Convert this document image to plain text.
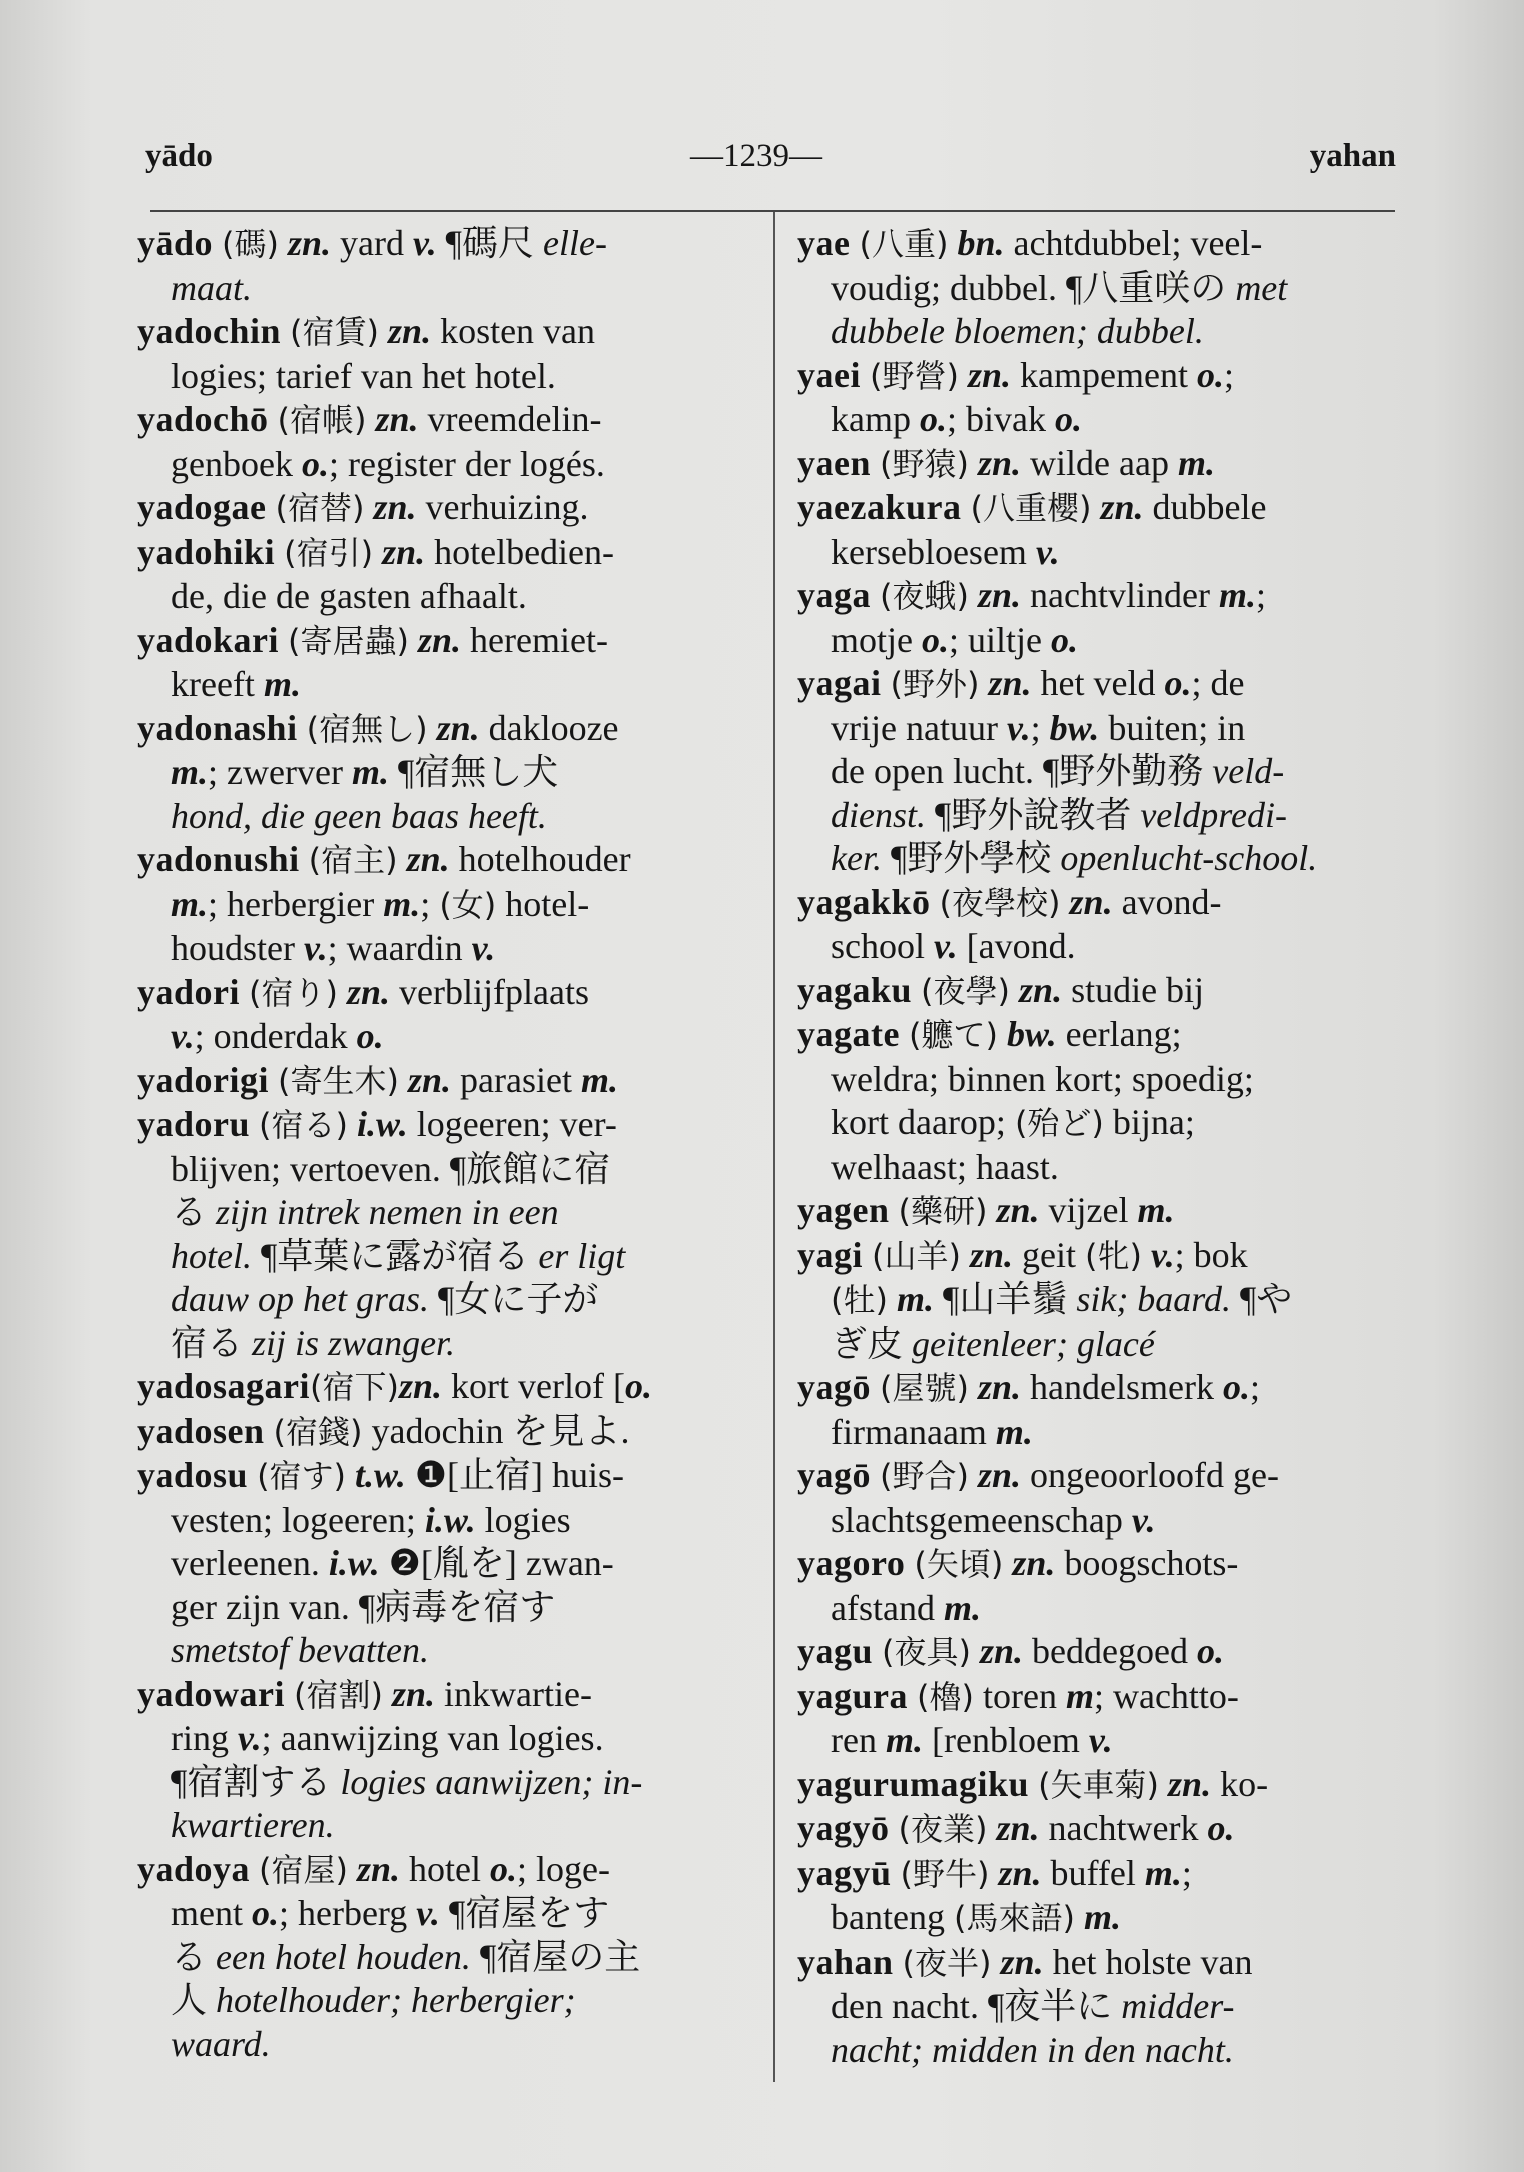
yādo	—1239—	yahan
yādo (碼) zn. yard v. ¶碼尺 elle-
maat.
yadochin (宿賃) zn. kosten van
logies; tarief van het hotel.
yadochō (宿帳) zn. vreemdelin-
genboek o.; register der logés.
yadogae (宿替) zn. verhuizing.
yadohiki (宿引) zn. hotelbedien-
de, die de gasten afhaalt.
yadokari (寄居蟲) zn. heremiet-
kreeft m.
yadonashi (宿無し) zn. daklooze
m.; zwerver m. ¶宿無し犬
hond, die geen baas heeft.
yadonushi (宿主) zn. hotelhouder
m.; herbergier m.; (女) hotel-
houdster v.; waardin v.
yadori (宿り) zn. verblijfplaats
v.; onderdak o.
yadorigi (寄生木) zn. parasiet m.
yadoru (宿る) i.w. logeeren; ver-
blijven; vertoeven. ¶旅館に宿
る zijn intrek nemen in een
hotel. ¶草葉に露が宿る er ligt
dauw op het gras. ¶女に子が
宿る zij is zwanger.
yadosagari(宿下)zn. kort verlof [o.
yadosen (宿錢) yadochin を見よ.
yadosu (宿す) t.w. ❶[止宿] huis-
vesten; logeeren; i.w. logies
verleenen. i.w. ❷[胤を] zwan-
ger zijn van. ¶病毒を宿す
smetstof bevatten.
yadowari (宿割) zn. inkwartie-
ring v.; aanwijzing van logies.
¶宿割する logies aanwijzen; in-
kwartieren.
yadoya (宿屋) zn. hotel o.; loge-
ment o.; herberg v. ¶宿屋をす
る een hotel houden. ¶宿屋の主
人 hotelhouder; herbergier;
waard.
yae (八重) bn. achtdubbel; veel-
voudig; dubbel. ¶八重咲の met
dubbele bloemen; dubbel.
yaei (野營) zn. kampement o.;
kamp o.; bivak o.
yaen (野猿) zn. wilde aap m.
yaezakura (八重櫻) zn. dubbele
kersebloesem v.
yaga (夜蛾) zn. nachtvlinder m.;
motje o.; uiltje o.
yagai (野外) zn. het veld o.; de
vrije natuur v.; bw. buiten; in
de open lucht. ¶野外勤務 veld-
dienst. ¶野外說教者 veldpredi-
ker. ¶野外學校 openlucht-school.
yagakkō (夜學校) zn. avond-
school v. [avond.
yagaku (夜學) zn. studie bij
yagate (軈て) bw. eerlang;
weldra; binnen kort; spoedig;
kort daarop; (殆ど) bijna;
welhaast; haast.
yagen (藥研) zn. vijzel m.
yagi (山羊) zn. geit (牝) v.; bok
(牡) m. ¶山羊鬚 sik; baard. ¶や
ぎ皮 geitenleer; glacé
yagō (屋號) zn. handelsmerk o.;
firmanaam m.
yagō (野合) zn. ongeoorloofd ge-
slachtsgemeenschap v.
yagoro (矢頃) zn. boogschots-
afstand m.
yagu (夜具) zn. beddegoed o.
yagura (櫓) toren m; wachtto-
ren m. [renbloem v.
yagurumagiku (矢車菊) zn. ko-
yagyō (夜業) zn. nachtwerk o.
yagyū (野牛) zn. buffel m.;
banteng (馬來語) m.
yahan (夜半) zn. het holste van
den nacht. ¶夜半に midder-
nacht; midden in den nacht.
